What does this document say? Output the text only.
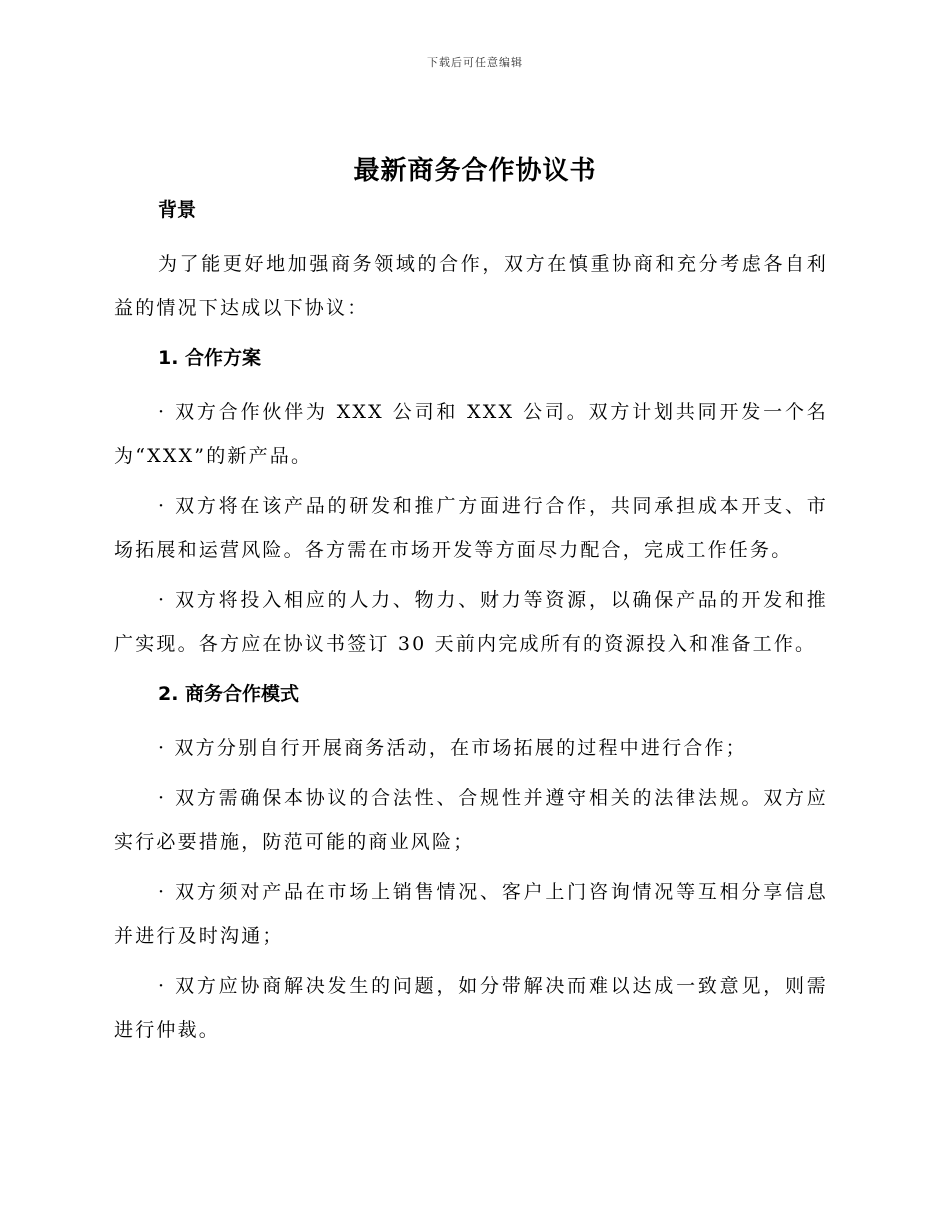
下载后可任意编辑
最新商务合作协议书
背景

为了能更好地加强商务领域的合作，双方在慎重协商和充分考虑各自利益的情况下达成以下协议：

1. 合作方案

· 双方合作伙伴为 XXX 公司和 XXX 公司。双方计划共同开发一个名为“XXX”的新产品。

· 双方将在该产品的研发和推广方面进行合作，共同承担成本开支、市场拓展和运营风险。各方需在市场开发等方面尽力配合，完成工作任务。

· 双方将投入相应的人力、物力、财力等资源，以确保产品的开发和推广实现。各方应在协议书签订 30 天前内完成所有的资源投入和准备工作。

2. 商务合作模式

· 双方分别自行开展商务活动，在市场拓展的过程中进行合作；

· 双方需确保本协议的合法性、合规性并遵守相关的法律法规。双方应实行必要措施，防范可能的商业风险；

· 双方须对产品在市场上销售情况、客户上门咨询情况等互相分享信息并进行及时沟通；

· 双方应协商解决发生的问题，如分带解决而难以达成一致意见，则需进行仲裁。
